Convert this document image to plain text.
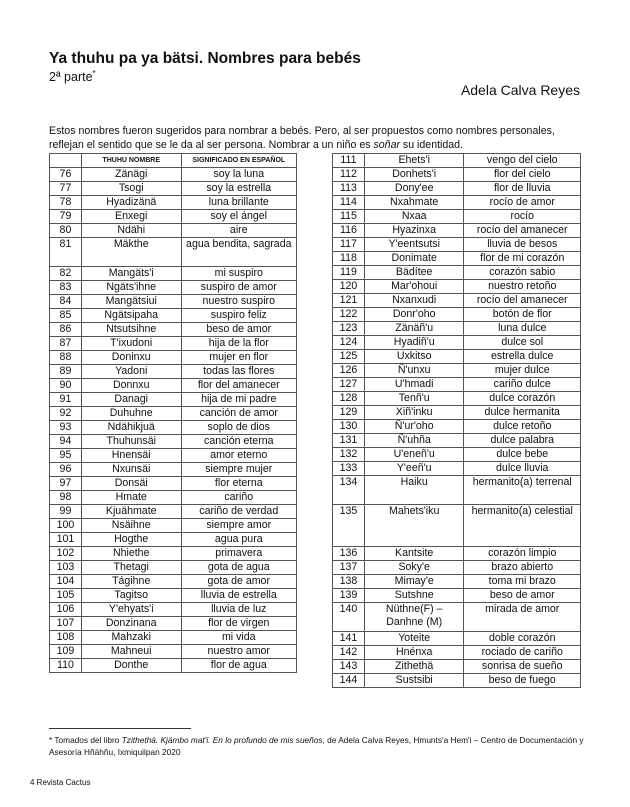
Ya thuhu pa ya bätsi. Nombres para bebés
2ª parte*
Adela Calva Reyes

Estos nombres fueron sugeridos para nombrar a bebés. Pero, al ser propuestos como nombres personales, reflejan el sentido que se le da al ser persona. Nombrar a un niño es soñar su identidad.

	THUHU NOMBRE	SIGNIFICADO EN ESPAÑOL
76	Zänägi	soy la luna
77	Tsogi	soy la estrella
78	Hyadizänä	luna brillante
79	Enxegi	soy el ángel
80	Ndähi	aire
81	Mäkthe	agua bendita, sagrada
82	Mangäts'i	mi suspiro
83	Ngäts'ihne	suspiro de amor
84	Mangätsiui	nuestro suspiro
85	Ngätsipaha	suspiro feliz
86	Ntsutsihne	beso de amor
87	T'ixudoni	hija de la flor
88	Doninxu	mujer en flor
89	Yadoni	todas las flores
90	Donnxu	flor del amanecer
91	Danagi	hija de mi padre
92	Duhuhne	canción de amor
93	Ndähikjuä	soplo de dios
94	Thuhunsäi	canción eterna
95	Hnensäi	amor eterno
96	Nxunsäi	siempre mujer
97	Donsäi	flor eterna
98	Hmate	cariño
99	Kjuähmate	cariño de verdad
100	Nsäihne	siempre amor
101	Hogthe	agua pura
102	Nhiethe	primavera
103	Thetagi	gota de agua
104	Tágihne	gota de amor
105	Tagitso	lluvia de estrella
106	Y'ehyats'i	lluvia de luz
107	Donzinana	flor de virgen
108	Mahzaki	mi vida
109	Mahneui	nuestro amor
110	Donthe	flor de agua
111	Ehets'i	vengo del cielo
112	Donhets'i	flor del cielo
113	Dony'ee	flor de lluvia
114	Nxahmate	rocío de amor
115	Nxaa	rocío
116	Hyazinxa	rocío del amanecer
117	Y'eentsutsi	lluvia de besos
118	Donimate	flor de mi corazón
119	Bädítee	corazón sabio
120	Mar'ohoui	nuestro retoño
121	Nxanxudi	rocío del amanecer
122	Donr'oho	botón de flor
123	Zänäñ'u	luna dulce
124	Hyadiñ'u	dulce sol
125	Uxkitso	estrella dulce
126	Ñ'unxu	mujer dulce
127	U'hmadi	cariño dulce
128	Tenñ'u	dulce corazón
129	Xiñ'inku	dulce hermanita
130	Ñ'ur'oho	dulce retoño
131	Ñ'uhña	dulce palabra
132	U'eneñ'u	dulce bebe
133	Y'eeñ'u	dulce lluvia
134	Haiku	hermanito(a) terrenal
135	Mahets'iku	hermanito(a) celestial
136	Kantsite	corazón limpio
137	Soky'e	brazo abierto
138	Mimay'e	toma mi brazo
139	Sutshne	beso de amor
140	Nüthne(F) – Danhne (M)	mirada de amor
141	Yoteite	doble corazón
142	Hnénxa	rociado de cariño
143	Zithethä	sonrisa de sueño
144	Sustsibi	beso de fuego
* Tomados del libro Tzithethä. Kjämbo mat'i. En lo profundo de mis sueños, de Adela Calva Reyes, Hmunts'a Hem'i – Centro de Documentación y Asesoría Hñähñu, Ixmiquilpan 2020
4 Revista Cactus
